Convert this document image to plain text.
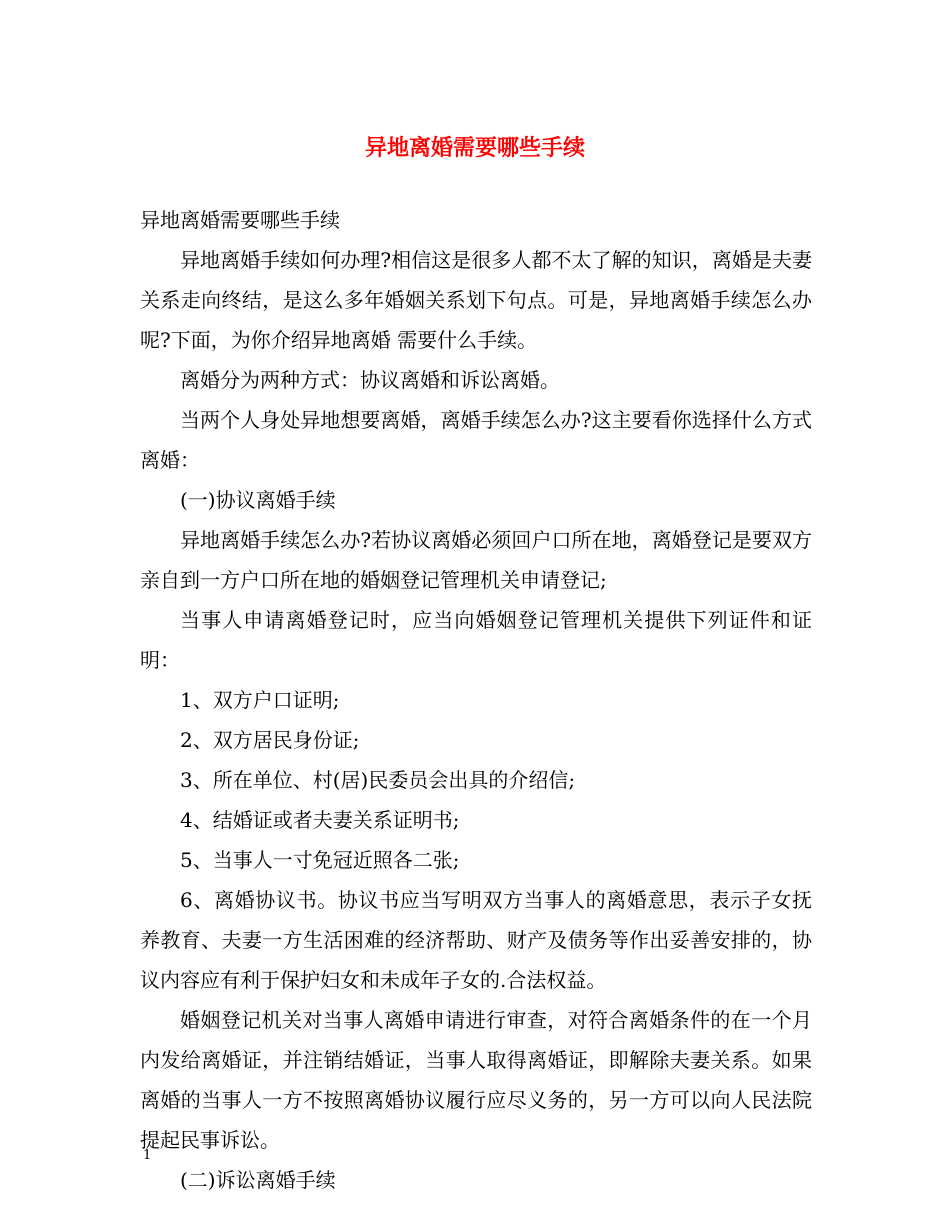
异地离婚需要哪些手续

异地离婚需要哪些手续

异地离婚手续如何办理?相信这是很多人都不太了解的知识，离婚是夫妻关系走向终结，是这么多年婚姻关系划下句点。可是，异地离婚手续怎么办呢?下面，为你介绍异地离婚 需要什么手续。

离婚分为两种方式：协议离婚和诉讼离婚。

当两个人身处异地想要离婚，离婚手续怎么办?这主要看你选择什么方式离婚：

(一)协议离婚手续

异地离婚手续怎么办?若协议离婚必须回户口所在地，离婚登记是要双方亲自到一方户口所在地的婚姻登记管理机关申请登记;

当事人申请离婚登记时，应当向婚姻登记管理机关提供下列证件和证明：

1、双方户口证明;

2、双方居民身份证;

3、所在单位、村(居)民委员会出具的介绍信;

4、结婚证或者夫妻关系证明书;

5、当事人一寸免冠近照各二张;

6、离婚协议书。协议书应当写明双方当事人的离婚意思，表示子女抚养教育、夫妻一方生活困难的经济帮助、财产及债务等作出妥善安排的，协议内容应有利于保护妇女和未成年子女的.合法权益。

婚姻登记机关对当事人离婚申请进行审查，对符合离婚条件的在一个月内发给离婚证，并注销结婚证，当事人取得离婚证，即解除夫妻关系。如果离婚的当事人一方不按照离婚协议履行应尽义务的，另一方可以向人民法院提起民事诉讼。

(二)诉讼离婚手续

1
